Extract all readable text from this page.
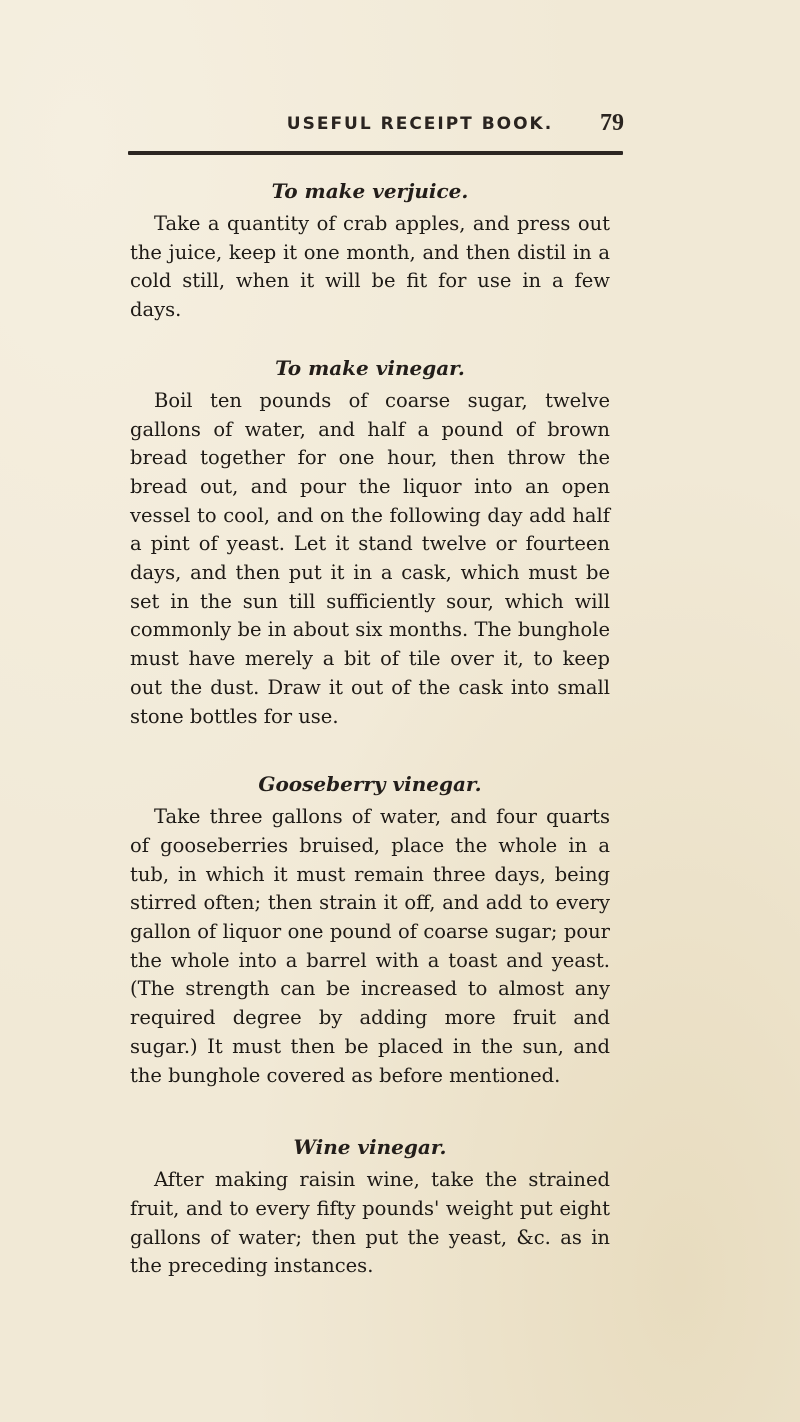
USEFUL RECEIPT BOOK.	79
To make verjuice.

Take a quantity of crab apples, and press out the juice, keep it one month, and then distil in a cold still, when it will be fit for use in a few days.

To make vinegar.

Boil ten pounds of coarse sugar, twelve gallons of water, and half a pound of brown bread together for one hour, then throw the bread out, and pour the liquor into an open vessel to cool, and on the following day add half a pint of yeast. Let it stand twelve or fourteen days, and then put it in a cask, which must be set in the sun till sufficiently sour, which will commonly be in about six months. The bunghole must have merely a bit of tile over it, to keep out the dust. Draw it out of the cask into small stone bottles for use.

Gooseberry vinegar.

Take three gallons of water, and four quarts of gooseberries bruised, place the whole in a tub, in which it must remain three days, being stirred often; then strain it off, and add to every gallon of liquor one pound of coarse sugar; pour the whole into a barrel with a toast and yeast. (The strength can be increased to almost any required degree by adding more fruit and sugar.) It must then be placed in the sun, and the bunghole covered as before mentioned.

Wine vinegar.

After making raisin wine, take the strained fruit, and to every fifty pounds' weight put eight gallons of water; then put the yeast, &c. as in the preceding instances.
